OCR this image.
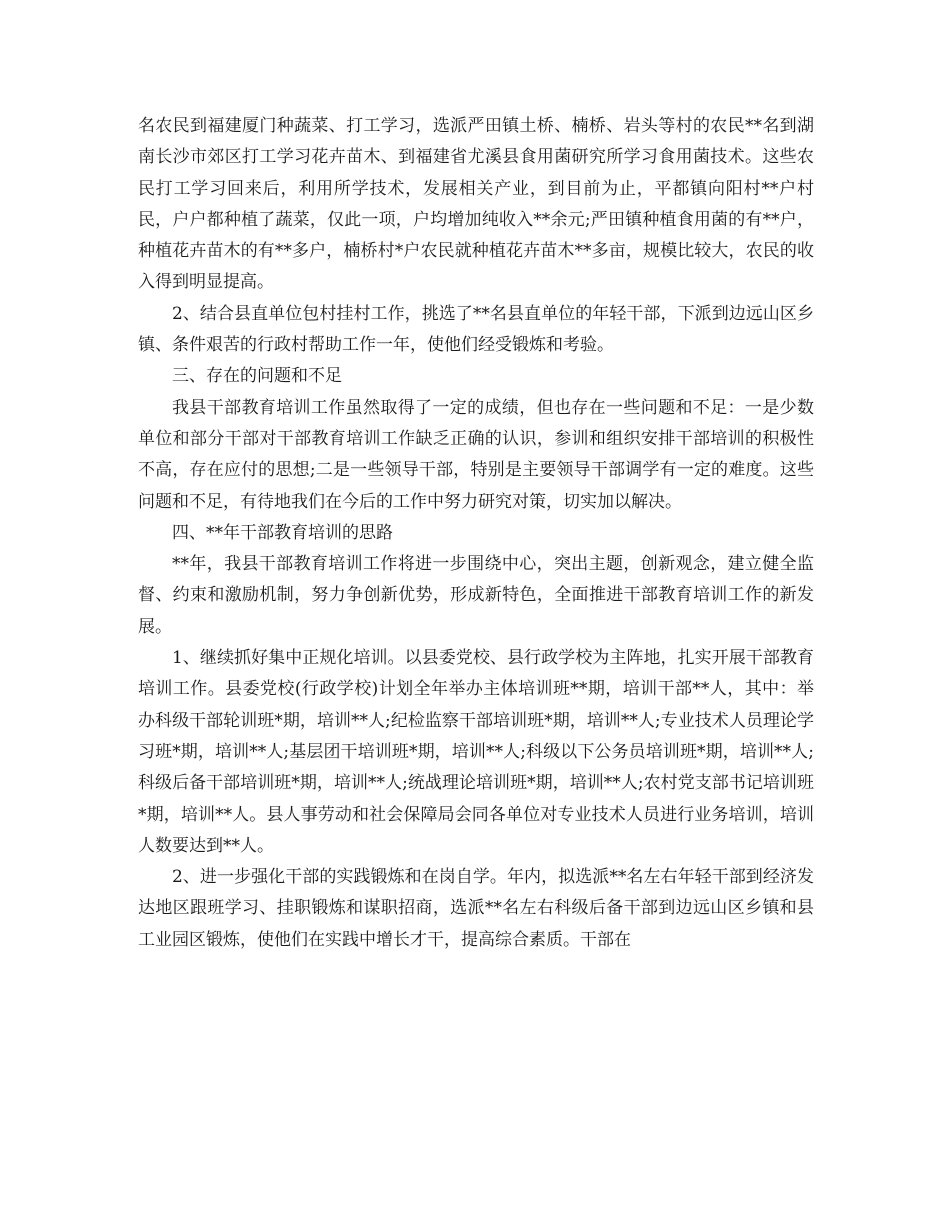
名农民到福建厦门种蔬菜、打工学习，选派严田镇土桥、楠桥、岩头等村的农民**名到湖南长沙市郊区打工学习花卉苗木、到福建省尤溪县食用菌研究所学习食用菌技术。这些农民打工学习回来后，利用所学技术，发展相关产业，到目前为止，平都镇向阳村**户村民，户户都种植了蔬菜，仅此一项，户均增加纯收入**余元;严田镇种植食用菌的有**户，种植花卉苗木的有**多户，楠桥村*户农民就种植花卉苗木**多亩，规模比较大，农民的收入得到明显提高。

2、结合县直单位包村挂村工作，挑选了**名县直单位的年轻干部，下派到边远山区乡镇、条件艰苦的行政村帮助工作一年，使他们经受锻炼和考验。

三、存在的问题和不足

我县干部教育培训工作虽然取得了一定的成绩，但也存在一些问题和不足：一是少数单位和部分干部对干部教育培训工作缺乏正确的认识，参训和组织安排干部培训的积极性不高，存在应付的思想;二是一些领导干部，特别是主要领导干部调学有一定的难度。这些问题和不足，有待地我们在今后的工作中努力研究对策，切实加以解决。

四、**年干部教育培训的思路

**年，我县干部教育培训工作将进一步围绕中心，突出主题，创新观念，建立健全监督、约束和激励机制，努力争创新优势，形成新特色，全面推进干部教育培训工作的新发展。

1、继续抓好集中正规化培训。以县委党校、县行政学校为主阵地，扎实开展干部教育培训工作。县委党校(行政学校)计划全年举办主体培训班**期，培训干部**人，其中：举办科级干部轮训班*期，培训**人;纪检监察干部培训班*期，培训**人;专业技术人员理论学习班*期，培训**人;基层团干培训班*期，培训**人;科级以下公务员培训班*期，培训**人;科级后备干部培训班*期，培训**人;统战理论培训班*期，培训**人;农村党支部书记培训班*期，培训**人。县人事劳动和社会保障局会同各单位对专业技术人员进行业务培训，培训人数要达到**人。

2、进一步强化干部的实践锻炼和在岗自学。年内，拟选派**名左右年轻干部到经济发达地区跟班学习、挂职锻炼和谋职招商，选派**名左右科级后备干部到边远山区乡镇和县工业园区锻炼，使他们在实践中增长才干，提高综合素质。干部在
